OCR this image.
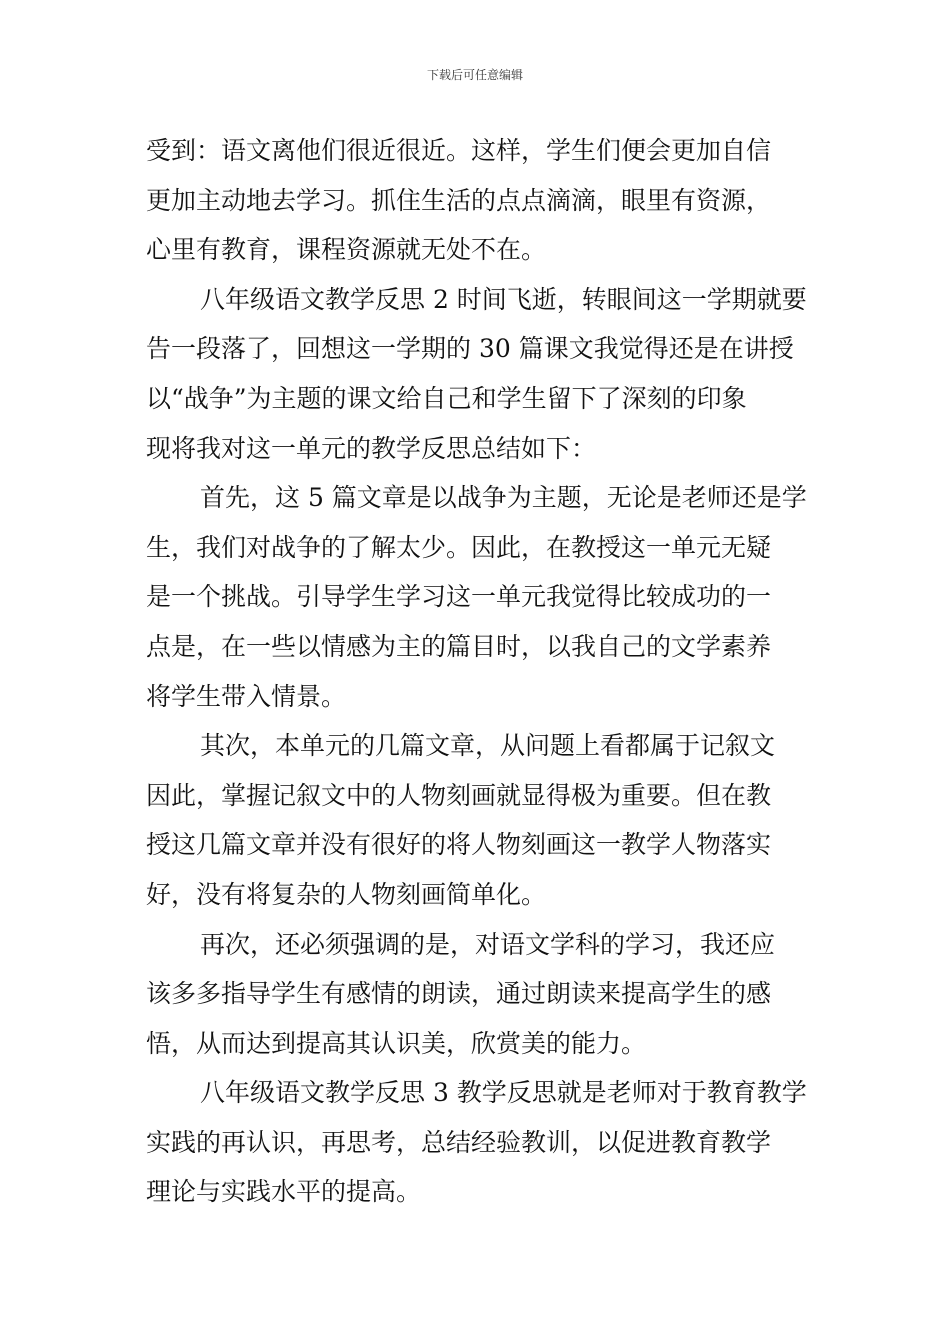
下载后可任意编辑
受到：语文离他们很近很近。这样，学生们便会更加自信
更加主动地去学习。抓住生活的点点滴滴，眼里有资源，
心里有教育，课程资源就无处不在。
八年级语文教学反思 2 时间飞逝，转眼间这一学期就要
告一段落了，回想这一学期的 30 篇课文我觉得还是在讲授
以“战争”为主题的课文给自己和学生留下了深刻的印象
现将我对这一单元的教学反思总结如下：
首先，这 5 篇文章是以战争为主题，无论是老师还是学
生，我们对战争的了解太少。因此，在教授这一单元无疑
是一个挑战。引导学生学习这一单元我觉得比较成功的一
点是，在一些以情感为主的篇目时，以我自己的文学素养
将学生带入情景。
其次，本单元的几篇文章，从问题上看都属于记叙文
因此，掌握记叙文中的人物刻画就显得极为重要。但在教
授这几篇文章并没有很好的将人物刻画这一教学人物落实
好，没有将复杂的人物刻画简单化。
再次，还必须强调的是，对语文学科的学习，我还应
该多多指导学生有感情的朗读，通过朗读来提高学生的感
悟，从而达到提高其认识美，欣赏美的能力。
八年级语文教学反思 3 教学反思就是老师对于教育教学
实践的再认识，再思考，总结经验教训，以促进教育教学
理论与实践水平的提高。
